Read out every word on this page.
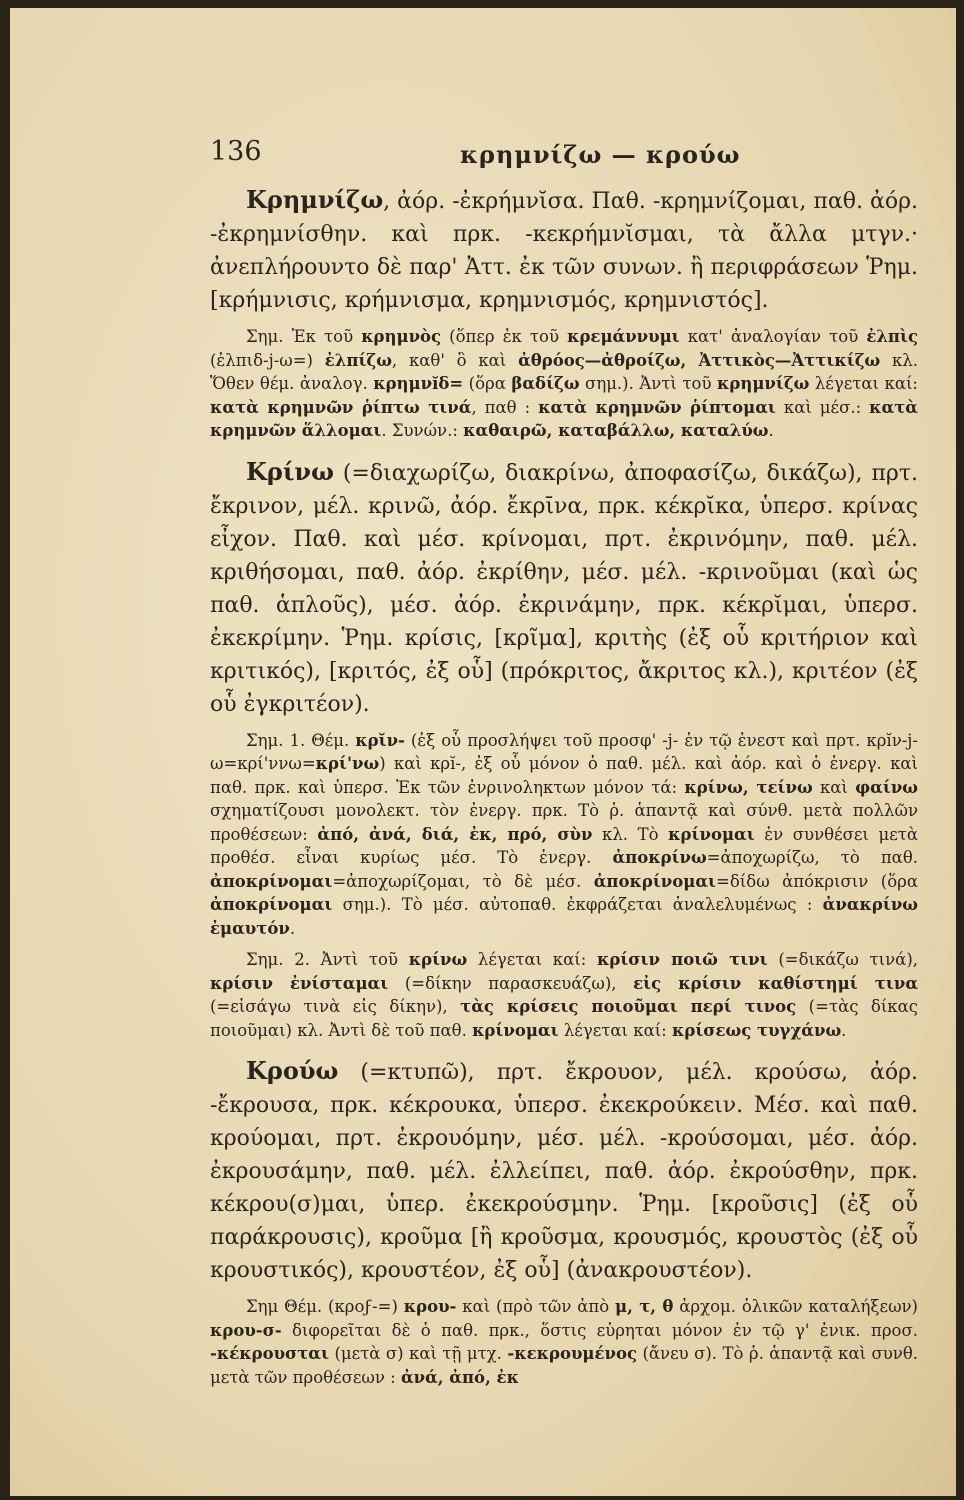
136	κρημνίζω — κρούω

Κρημνίζω, ἀόρ. -ἐκρήμνῐσα. Παθ. -κρημνίζομαι, παθ. ἀόρ. -ἐκρημνίσθην. καὶ πρκ. -κεκρήμνῐσμαι, τὰ ἄλλα μτγν.· ἀνεπλήρουντο δὲ παρ' Ἀττ. ἐκ τῶν συνων. ἢ περιφράσεων Ῥημ. [κρήμνισις, κρήμνισμα, κρημνισμός, κρημνιστός].

Σημ. Ἐκ τοῦ κρημνὸς (ὅπερ ἐκ τοῦ κρεμάννυμι κατ' ἀναλογίαν τοῦ ἐλπὶς (ἐλπιδ-j-ω=) ἐλπίζω, καθ' ὃ καὶ ἀθρόος—ἀθροίζω, Ἀττικὸς—Ἀττικίζω κλ. Ὅθεν θέμ. ἀναλογ. κρημνĭδ= (ὅρα βαδίζω σημ.). Ἀντὶ τοῦ κρημνίζω λέγεται καί: κατὰ κρημνῶν ῥίπτω τινά, παθ : κατὰ κρημνῶν ῥίπτομαι καὶ μέσ.: κατὰ κρημνῶν ἅλλομαι. Συνών.: καθαιρῶ, καταβάλλω, καταλύω.

Κρίνω (=διαχωρίζω, διακρίνω, ἀποφασίζω, δικάζω), πρτ. ἔκρινον, μέλ. κρινῶ, ἀόρ. ἔκρῑνα, πρκ. κέκρῐκα, ὑπερσ. κρίνας εἶχον. Παθ. καὶ μέσ. κρίνομαι, πρτ. ἐκρινόμην, παθ. μέλ. κριθήσομαι, παθ. ἀόρ. ἐκρίθην, μέσ. μέλ. -κρινοῦμαι (καὶ ὡς παθ. ἁπλοῦς), μέσ. ἀόρ. ἐκρινάμην, πρκ. κέκρῐμαι, ὑπερσ. ἐκεκρίμην. Ῥημ. κρίσις, [κρῖμα], κριτὴς (ἐξ οὗ κριτήριον καὶ κριτικός), [κριτός, ἐξ οὗ] (πρόκριτος, ἄκριτος κλ.), κριτέον (ἐξ οὗ ἐγκριτέον).

Σημ. 1. Θέμ. κρῐν- (ἐξ οὗ προσλήψει τοῦ προσφ' -j- ἐν τῷ ἐνεστ καὶ πρτ. κρĭν-j-ω=κρί'ννω=κρί'νω) καὶ κρĭ-, ἐξ οὗ μόνον ὁ παθ. μέλ. καὶ ἀόρ. καὶ ὁ ἐνεργ. καὶ παθ. πρκ. καὶ ὑπερσ. Ἐκ τῶν ἐνρινοληκτων μόνον τά: κρίνω, τείνω καὶ φαίνω σχηματίζουσι μονολεκτ. τὸν ἐνεργ. πρκ. Τὸ ῥ. ἁπαντᾷ καὶ σύνθ. μετὰ πολλῶν προθέσεων: ἀπό, ἀνά, διά, ἐκ, πρό, σὺν κλ. Τὸ κρίνομαι ἐν συνθέσει μετὰ προθέσ. εἶναι κυρίως μέσ. Τὸ ἐνεργ. ἀποκρίνω=ἀποχωρίζω, τὸ παθ. ἀποκρίνομαι=ἀποχωρίζομαι, τὸ δὲ μέσ. ἀποκρίνομαι=δίδω ἀπόκρισιν (ὅρα ἀποκρίνομαι σημ.). Τὸ μέσ. αὐτοπαθ. ἐκφράζεται ἀναλελυμένως : ἀνακρίνω ἐμαυτόν.

Σημ. 2. Ἀντὶ τοῦ κρίνω λέγεται καί: κρίσιν ποιῶ τινι (=δικάζω τινά), κρίσιν ἐνίσταμαι (=δίκην παρασκευάζω), εἰς κρίσιν καθίστημί τινα (=εἰσάγω τινὰ εἰς δίκην), τὰς κρίσεις ποιοῦμαι περί τινος (=τὰς δίκας ποιοῦμαι) κλ. Ἀντὶ δὲ τοῦ παθ. κρίνομαι λέγεται καί: κρίσεως τυγχάνω.

Κρούω (=κτυπῶ), πρτ. ἔκρουον, μέλ. κρούσω, ἀόρ. -ἔκρουσα, πρκ. κέκρουκα, ὑπερσ. ἐκεκρούκειν. Μέσ. καὶ παθ. κρούομαι, πρτ. ἐκρουόμην, μέσ. μέλ. -κρούσομαι, μέσ. ἀόρ. ἐκρουσάμην, παθ. μέλ. ἐλλείπει, παθ. ἀόρ. ἐκρούσθην, πρκ. κέκρου(σ)μαι, ὑπερ. ἐκεκρούσμην. Ῥημ. [κροῦσις] (ἐξ οὗ παράκρουσις), κροῦμα [ἢ κροῦσμα, κρουσμός, κρουστὸς (ἐξ οὗ κρουστικός), κρουστέον, ἐξ οὗ] (ἀνακρουστέον).

Σημ Θέμ. (κροϝ-=) κρου- καὶ (πρὸ τῶν ἀπὸ μ, τ, θ ἀρχομ. ὁλικῶν καταλήξεων) κρου-σ- διφορεῖται δὲ ὁ παθ. πρκ., ὅστις εὑρηται μόνον ἐν τῷ γ' ἐνικ. προσ. -κέκρουσται (μετὰ σ) καὶ τῇ μτχ. -κεκρουμένος (ἄνευ σ). Τὸ ῥ. ἁπαντᾷ καὶ συνθ. μετὰ τῶν προθέσεων : ἀνά, ἀπό, ἐκ
